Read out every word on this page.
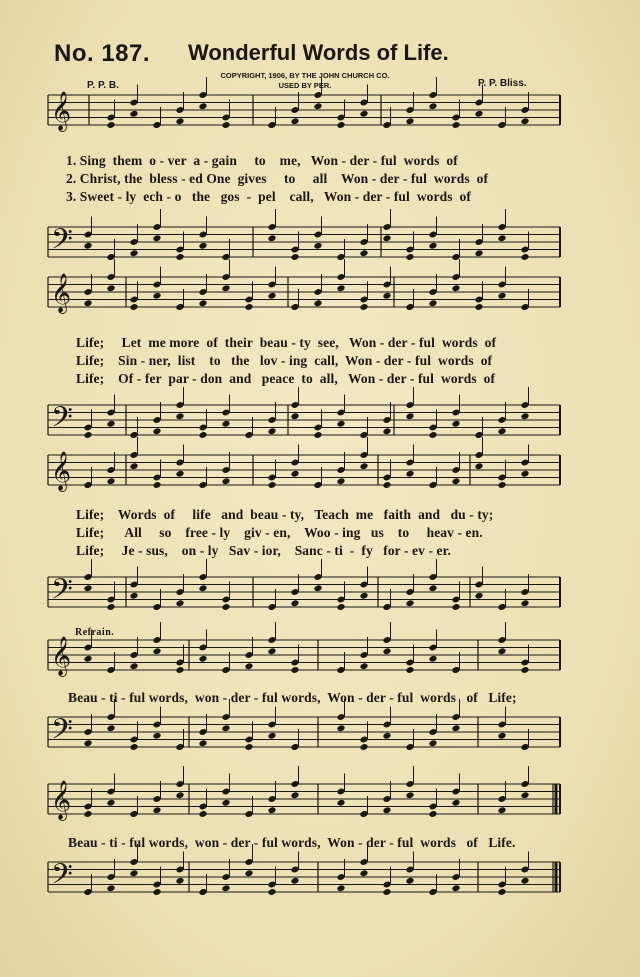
No. 187. Wonderful Words of Life.
COPYRIGHT, 1906, BY THE JOHN CHURCH CO.
USED BY PER.
P. P. B.	P. P. Bliss.
𝄞
𝄢
𝄞
𝄢
𝄞
𝄢
𝄞
𝄢
𝄞
𝄢
1. Sing  them  o - ver  a - gain     to    me,   Won - der - ful  words  of
2. Christ, the  bless - ed One  gives     to     all    Won - der - ful  words  of
3. Sweet - ly  ech - o   the   gos  -  pel    call,   Won - der - ful  words  of
Life;     Let  me more  of  their  beau - ty  see,   Won - der - ful  words  of
Life;    Sin - ner,  list    to   the   lov - ing  call,  Won - der - ful  words  of
Life;    Of - fer  par - don  and   peace  to  all,   Won - der - ful  words  of
Life;    Words  of     life   and  beau - ty,   Teach  me   faith  and   du - ty;
Life;      All     so    free - ly    giv - en,    Woo - ing   us    to     heav - en.
Life;     Je - sus,    on - ly   Sav - ior,    Sanc - ti  -  fy   for - ev - er.
Refrain.
Beau - ti - ful words,  won - der - ful words,  Won - der - ful  words   of   Life;
Beau - ti - ful words,  won - der - ful words,  Won - der - ful  words   of   Life.
